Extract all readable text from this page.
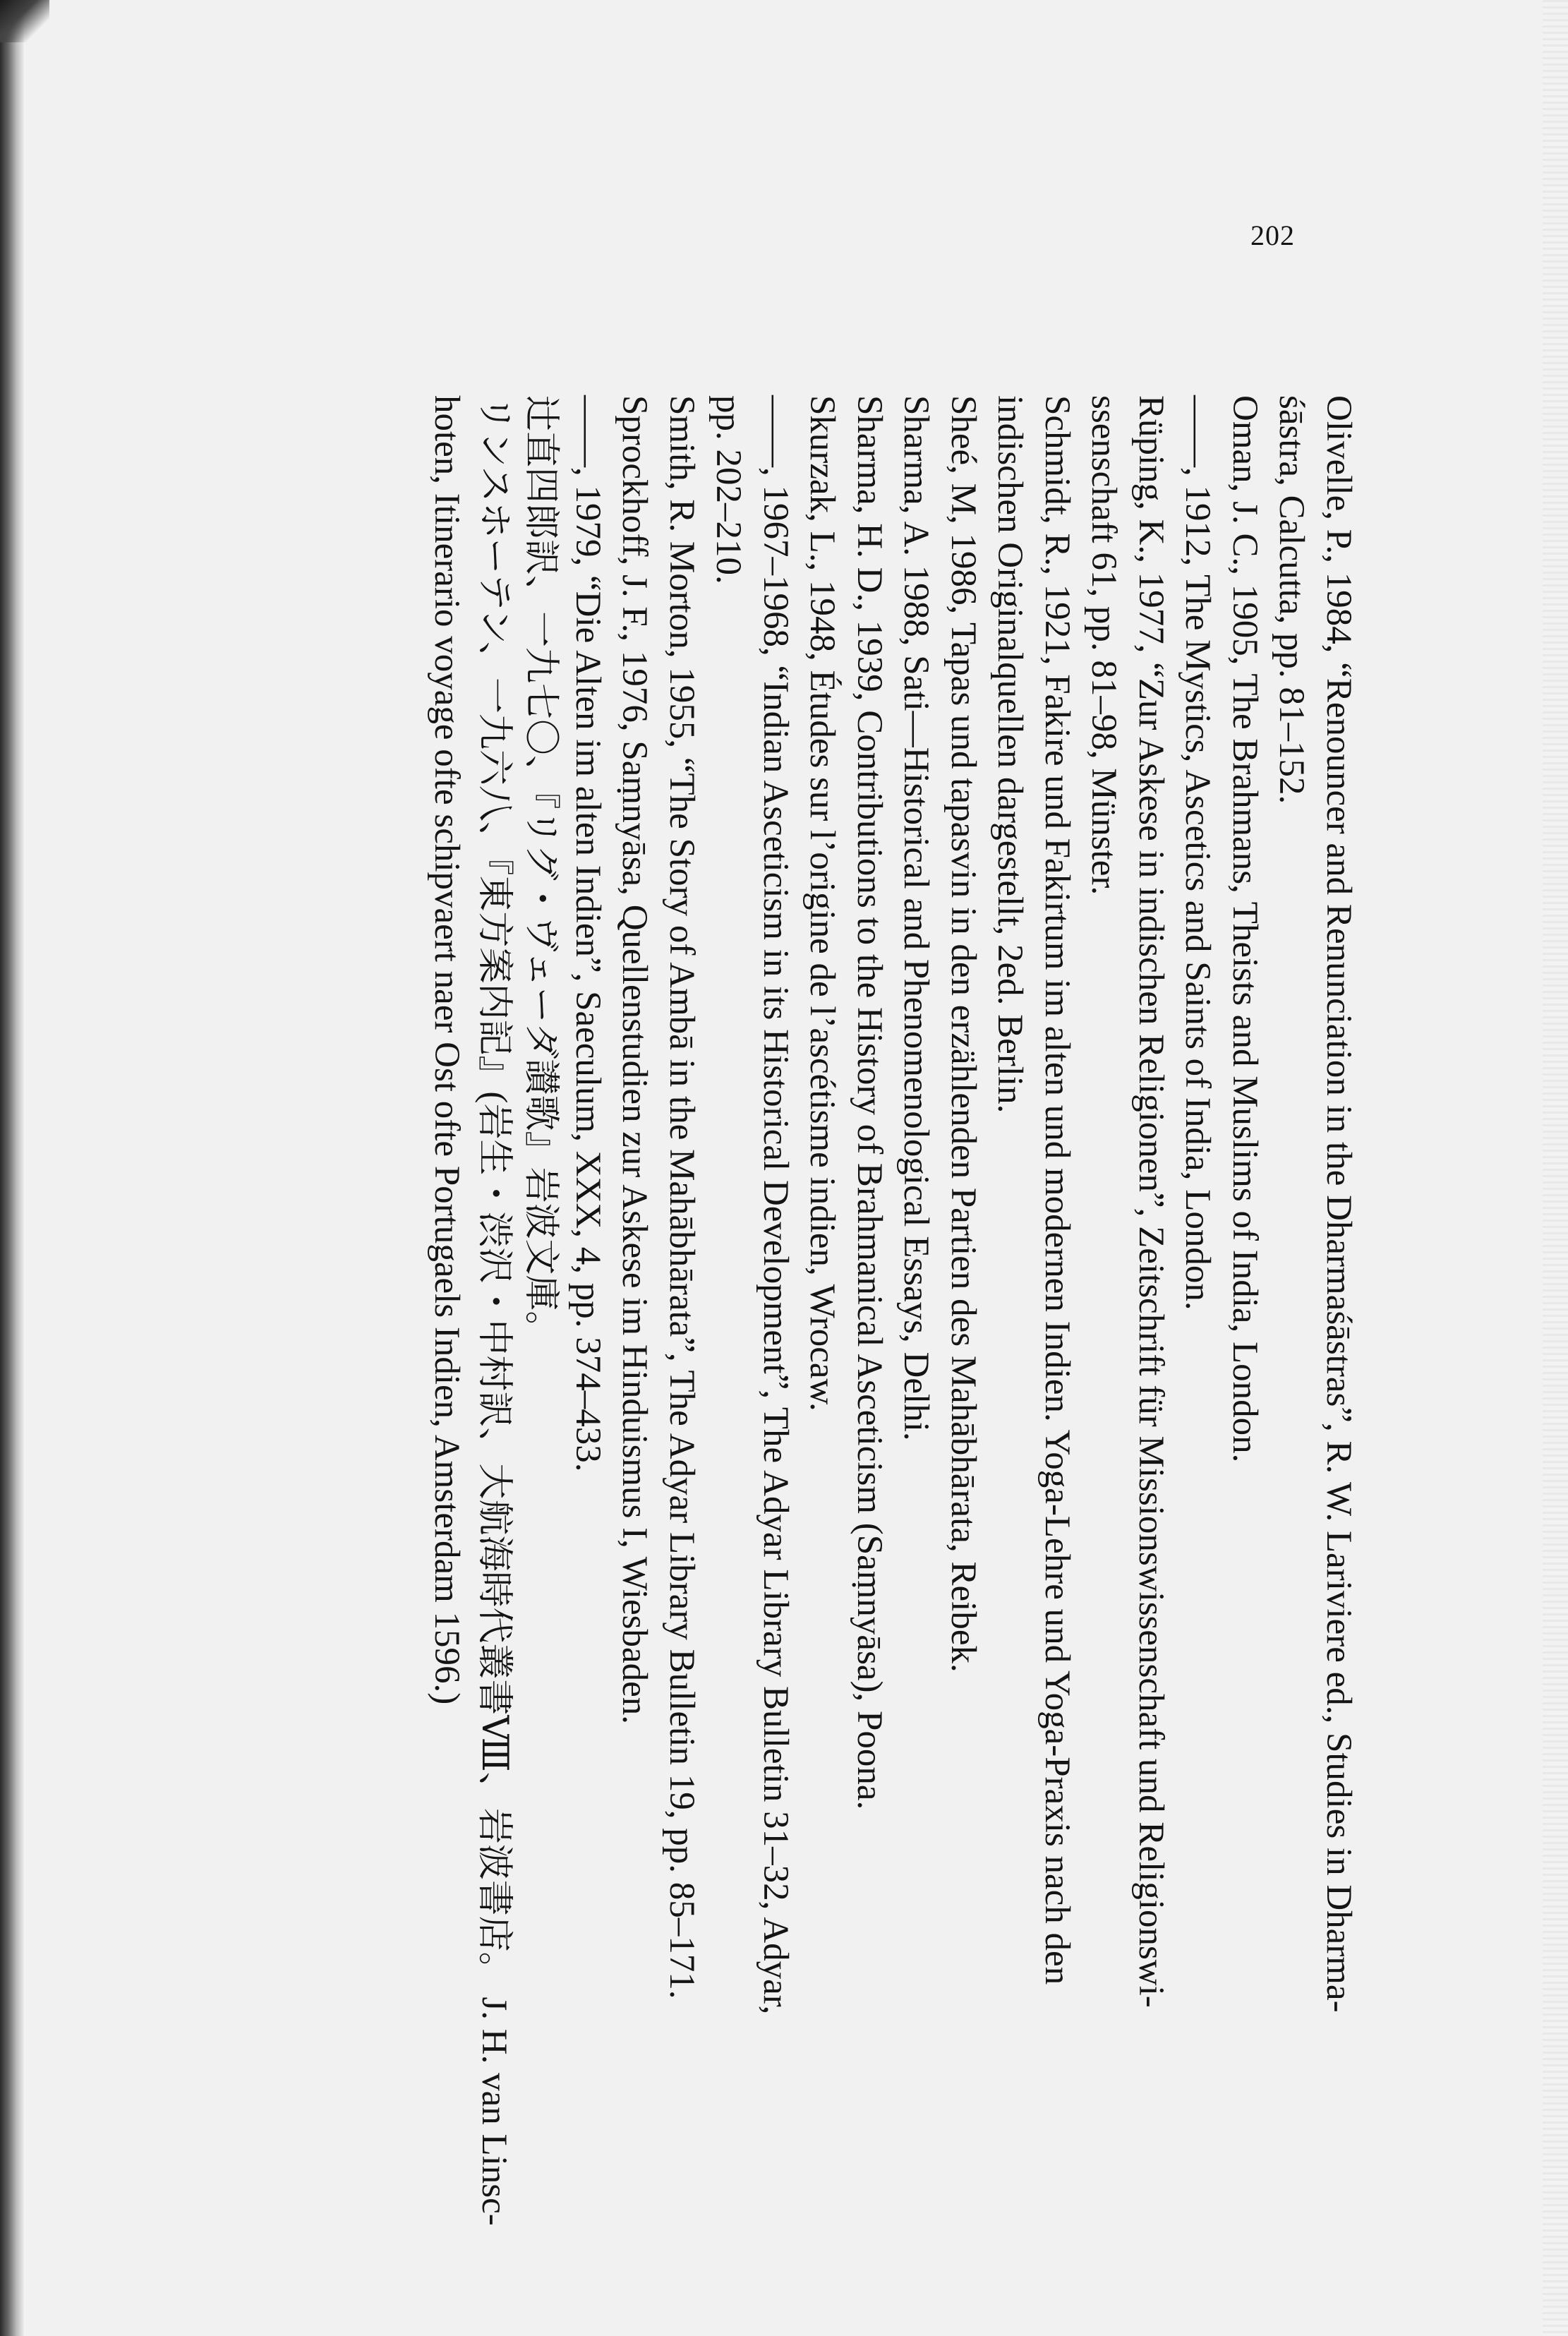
202
Olivelle, P., 1984, “Renouncer and Renunciation in the Dharmaśāstras”, R. W. Lariviere ed., Studies in Dharma-
śāstra, Calcutta, pp. 81–152.
Oman, J. C., 1905, The Brahmans, Theists and Muslims of India, London.
——, 1912, The Mystics, Ascetics and Saints of India, London.
Rüping, K., 1977, “Zur Askese in indischen Religionen”, Zeitschrift für Missionswissenschaft und Religionswi-
ssenschaft 61, pp. 81–98, Münster.
Schmidt, R., 1921, Fakire und Fakirtum im alten und modernen Indien. Yoga-Lehre und Yoga-Praxis nach den
indischen Originalquellen dargestellt, 2ed. Berlin.
Sheé, M, 1986, Tapas und tapasvin in den erzählenden Partien des Mahābhārata, Reibek.
Sharma, A. 1988, Sati—Historical and Phenomenological Essays, Delhi.
Sharma, H. D., 1939, Contributions to the History of Brahmanical Asceticism (Saṃnyāsa), Poona.
Skurzak, L., 1948, Études sur l’origine de l’ascétisme indien, Wrocaw.
——, 1967–1968, “Indian Asceticism in its Historical Development”, The Adyar Library Bulletin 31–32, Adyar,
pp. 202–210.
Smith, R. Morton, 1955, “The Story of Ambā in the Mahābhārata”, The Adyar Library Bulletin 19, pp. 85–171.
Sprockhoff, J. F., 1976, Saṃnyāsa, Quellenstudien zur Askese im Hinduismus I, Wiesbaden.
——, 1979, “Die Alten im alten Indien”, Saeculum, XXX, 4, pp. 374–433.
辻直四郎訳、一九七〇、『リグ・ヴェーダ讃歌』岩波文庫。
リンスホーテン、一九六八、『東方案内記』(岩生・渋沢・中村訳、大航海時代叢書Ⅷ、岩波書店。 J. H. van Linsc-
hoten, Itinerario voyage ofte schipvaert naer Ost ofte Portugaels Indien, Amsterdam 1596.)
